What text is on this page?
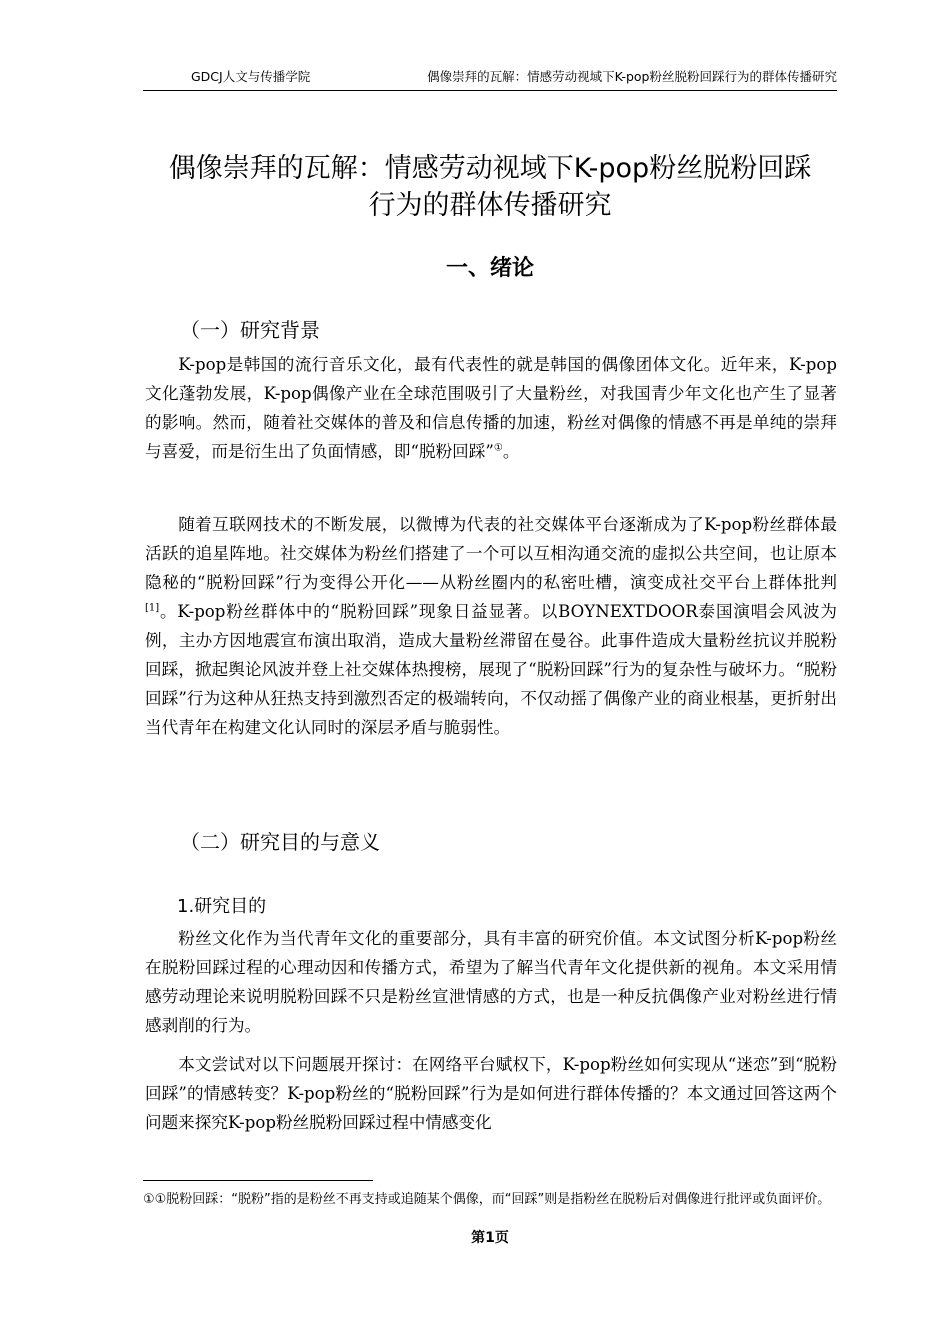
GDCJ人文与传播学院	偶像崇拜的瓦解：情感劳动视域下K-pop粉丝脱粉回踩行为的群体传播研究
偶像崇拜的瓦解：情感劳动视域下K-pop粉丝脱粉回踩
行为的群体传播研究
一、绪论
（一）研究背景

K-pop是韩国的流行音乐文化，最有代表性的就是韩国的偶像团体文化。近年来，K-pop文化蓬勃发展，K-pop偶像产业在全球范围吸引了大量粉丝，对我国青少年文化也产生了显著的影响。然而，随着社交媒体的普及和信息传播的加速，粉丝对偶像的情感不再是单纯的崇拜与喜爱，而是衍生出了负面情感，即“脱粉回踩”①。

随着互联网技术的不断发展，以微博为代表的社交媒体平台逐渐成为了K-pop粉丝群体最活跃的追星阵地。社交媒体为粉丝们搭建了一个可以互相沟通交流的虚拟公共空间，也让原本隐秘的“脱粉回踩”行为变得公开化——从粉丝圈内的私密吐槽，演变成社交平台上群体批判[1]。K-pop粉丝群体中的“脱粉回踩”现象日益显著。以BOYNEXTDOOR泰国演唱会风波为例，主办方因地震宣布演出取消，造成大量粉丝滞留在曼谷。此事件造成大量粉丝抗议并脱粉回踩，掀起舆论风波并登上社交媒体热搜榜，展现了“脱粉回踩”行为的复杂性与破坏力。“脱粉回踩”行为这种从狂热支持到激烈否定的极端转向，不仅动摇了偶像产业的商业根基，更折射出当代青年在构建文化认同时的深层矛盾与脆弱性。

（二）研究目的与意义
1.研究目的

粉丝文化作为当代青年文化的重要部分，具有丰富的研究价值。本文试图分析K-pop粉丝在脱粉回踩过程的心理动因和传播方式，希望为了解当代青年文化提供新的视角。本文采用情感劳动理论来说明脱粉回踩不只是粉丝宣泄情感的方式，也是一种反抗偶像产业对粉丝进行情感剥削的行为。

本文尝试对以下问题展开探讨：在网络平台赋权下，K-pop粉丝如何实现从“迷恋”到“脱粉回踩”的情感转变？K-pop粉丝的“脱粉回踩”行为是如何进行群体传播的？本文通过回答这两个问题来探究K-pop粉丝脱粉回踩过程中情感变化

①①脱粉回踩：“脱粉”指的是粉丝不再支持或追随某个偶像，而“回踩”则是指粉丝在脱粉后对偶像进行批评或负面评价。

第1页
